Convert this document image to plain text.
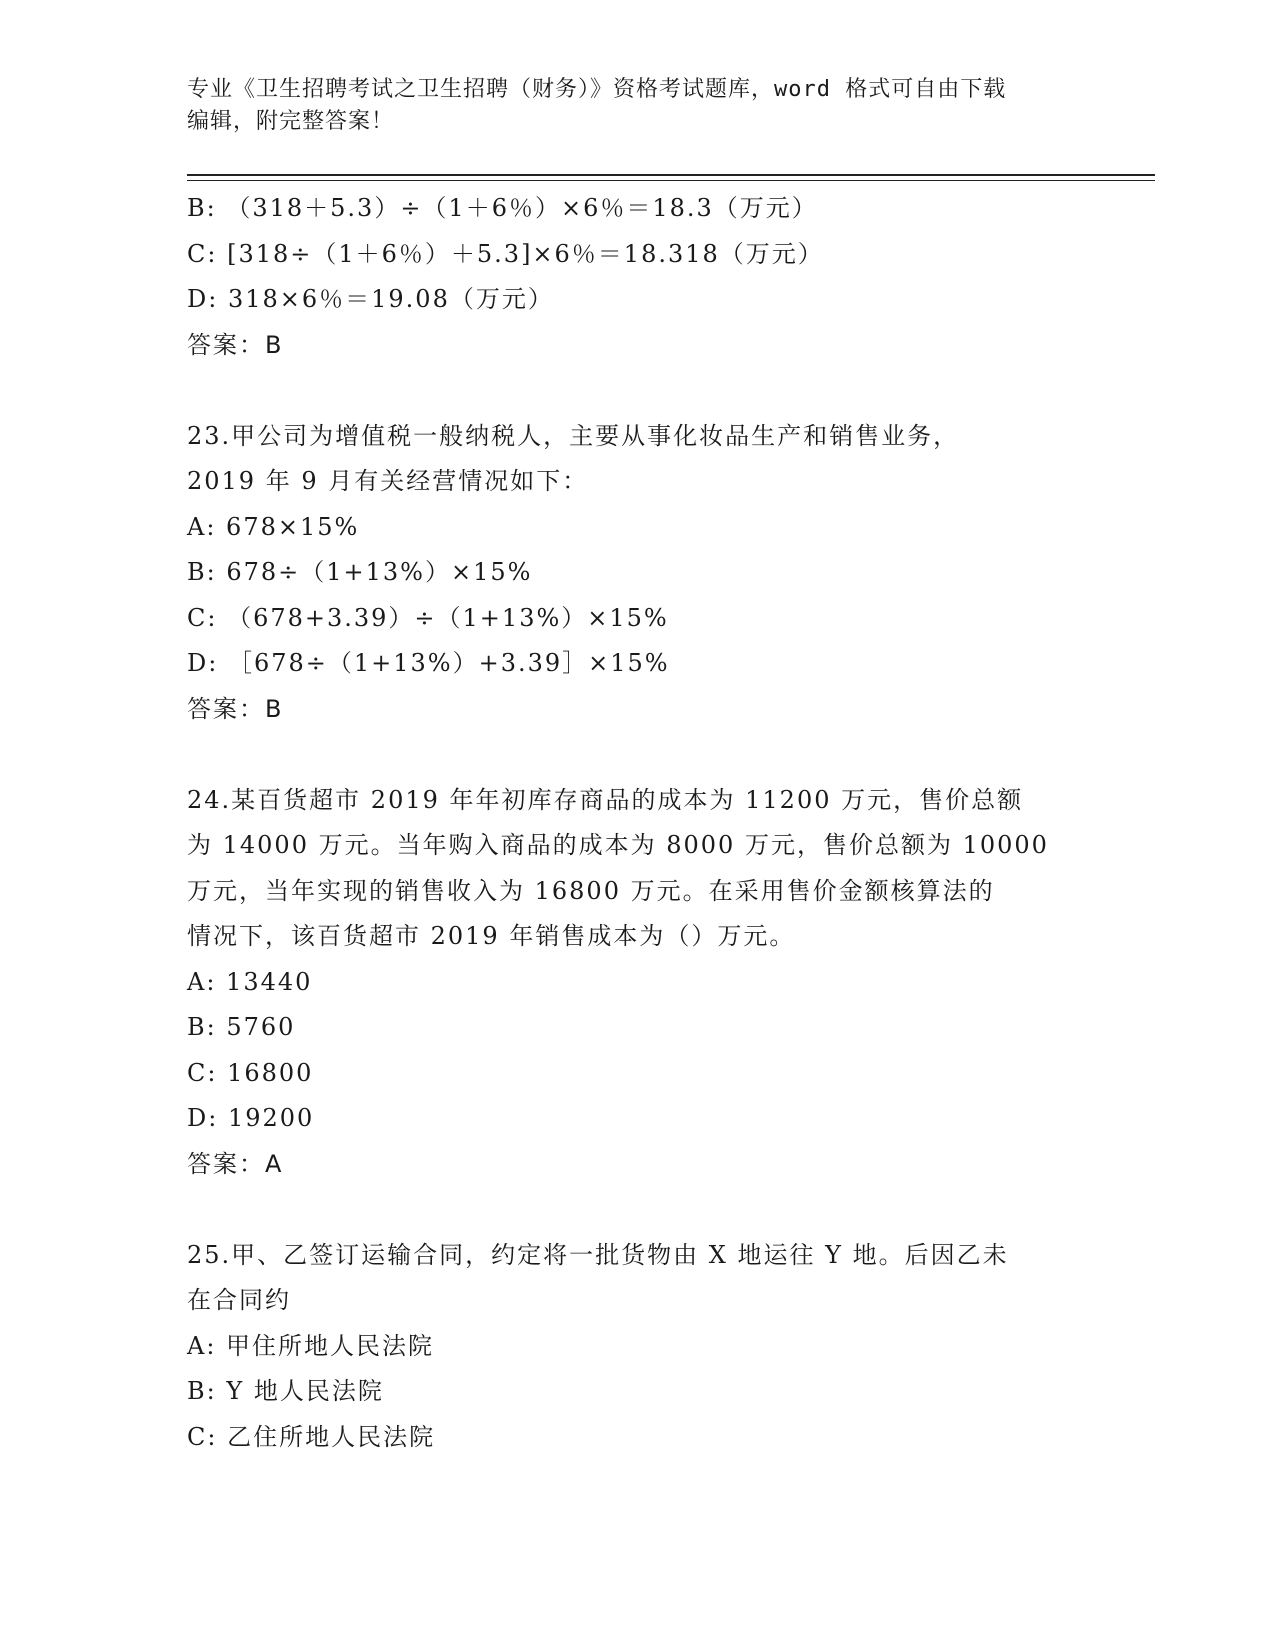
专业《卫生招聘考试之卫生招聘（财务）》资格考试题库，word 格式可自由下载
编辑，附完整答案！
B: （318＋5.3）÷（1＋6％）×6％＝18.3（万元）
C: [318÷（1＋6％）＋5.3]×6％＝18.318（万元）
D: 318×6％＝19.08（万元）
答案：B
23.甲公司为增值税一般纳税人，主要从事化妆品生产和销售业务，
2019 年 9 月有关经营情况如下：
A: 678×15%
B: 678÷（1+13%）×15%
C: （678+3.39）÷（1+13%）×15%
D: ［678÷（1+13%）+3.39］×15%
答案：B
24.某百货超市 2019 年年初库存商品的成本为 11200 万元，售价总额
为 14000 万元。当年购入商品的成本为 8000 万元，售价总额为 10000
万元，当年实现的销售收入为 16800 万元。在采用售价金额核算法的
情况下，该百货超市 2019 年销售成本为（）万元。
A: 13440
B: 5760
C: 16800
D: 19200
答案：A
25.甲、乙签订运输合同，约定将一批货物由 X 地运往 Y 地。后因乙未
在合同约
A: 甲住所地人民法院
B: Y 地人民法院
C: 乙住所地人民法院
